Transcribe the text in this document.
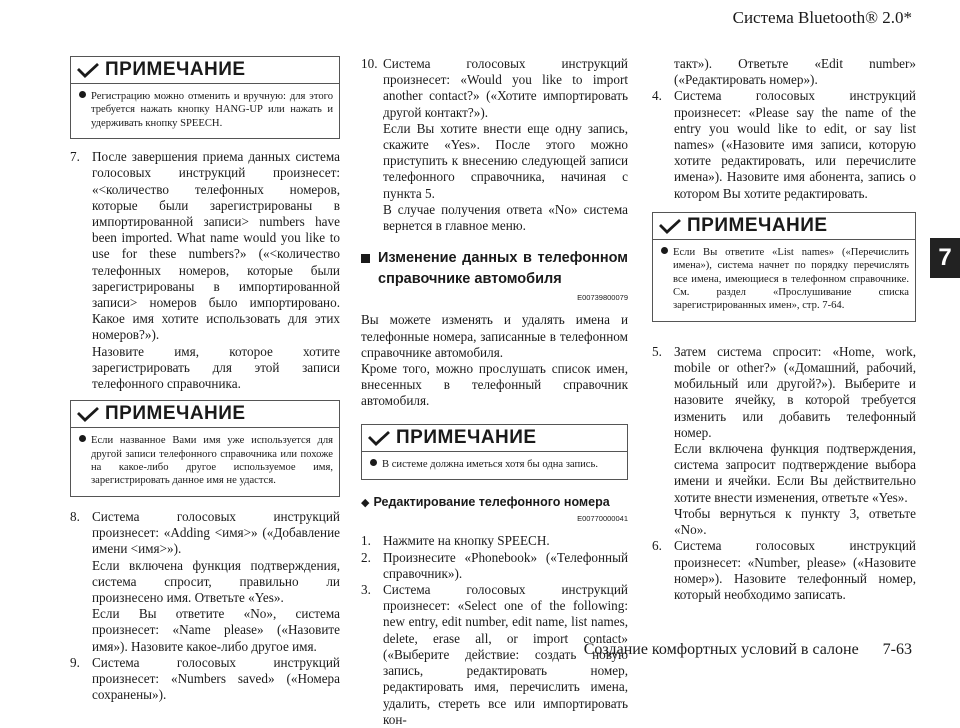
Система Bluetooth® 2.0*
7
ПРИМЕЧАНИЕ
Регистрацию можно отменить и вручную: для этого требуется нажать кнопку HANG-UP или нажать и удерживать кнопку SPEECH.

7. После завершения приема данных система голосовых инструкций произнесет: «<количество телефонных номеров, которые были зарегистрированы в импортированной записи> numbers have been imported. What name would you like to use for these numbers?» («<количество телефонных номеров, которые были зарегистрированы в импортированной записи> номеров было импортировано. Какое имя хотите использовать для этих номеров?»).

Назовите имя, которое хотите зарегистрировать для этой записи телефонного справочника.

ПРИМЕЧАНИЕ
Если названное Вами имя уже используется для другой записи телефонного справочника или похоже на какое-либо другое используемое имя, зарегистрировать данное имя не удастся.

8. Система голосовых инструкций произнесет: «Adding <имя>» («Добавление имени <имя>»).

Если включена функция подтверждения, система спросит, правильно ли произнесено имя. Ответьте «Yes».

Если Вы ответите «No», система произнесет: «Name please» («Назовите имя»). Назовите какое-либо другое имя.

9. Система голосовых инструкций произнесет: «Numbers saved» («Номера сохранены»).

10. Система голосовых инструкций произнесет: «Would you like to import another contact?» («Хотите импортировать другой контакт?»).

Если Вы хотите внести еще одну запись, скажите «Yes». После этого можно приступить к внесению следующей записи телефонного справочника, начиная с пункта 5.

В случае получения ответа «No» система вернется в главное меню.

Изменение данных в телефонном справочнике автомобиля
E00739800079

Вы можете изменять и удалять имена и телефонные номера, записанные в телефонном справочнике автомобиля.

Кроме того, можно прослушать список имен, внесенных в телефонный справочник автомобиля.

ПРИМЕЧАНИЕ
В системе должна иметься хотя бы одна запись.
◆ Редактирование телефонного номера
E00770000041

1. Нажмите на кнопку SPEECH.

2. Произнесите «Phonebook» («Телефонный справочник»).

3. Система голосовых инструкций произнесет: «Select one of the following: new entry, edit number, edit name, list names, delete, erase all, or import contact» («Выберите действие: создать новую запись, редактировать номер, редактировать имя, перечислить имена, удалить, стереть все или импортировать кон-

такт»). Ответьте «Edit number» («Редактировать номер»).

4. Система голосовых инструкций произнесет: «Please say the name of the entry you would like to edit, or say list names» («Назовите имя записи, которую хотите редактировать, или перечислите имена»). Назовите имя абонента, запись о котором Вы хотите редактировать.

ПРИМЕЧАНИЕ
Если Вы ответите «List names» («Перечислить имена»), система начнет по порядку перечислять все имена, имеющиеся в телефонном справочнике. См. раздел «Прослушивание списка зарегистрированных имен», стр. 7-64.

5. Затем система спросит: «Home, work, mobile or other?» («Домашний, рабочий, мобильный или другой?»). Выберите и назовите ячейку, в которой требуется изменить или добавить телефонный номер.

Если включена функция подтверждения, система запросит подтверждение выбора имени и ячейки. Если Вы действительно хотите внести изменения, ответьте «Yes».

Чтобы вернуться к пункту 3, ответьте «No».

6. Система голосовых инструкций произнесет: «Number, please» («Назовите номер»). Назовите телефонный номер, который необходимо записать.

Создание комфортных условий в салоне 7-63
